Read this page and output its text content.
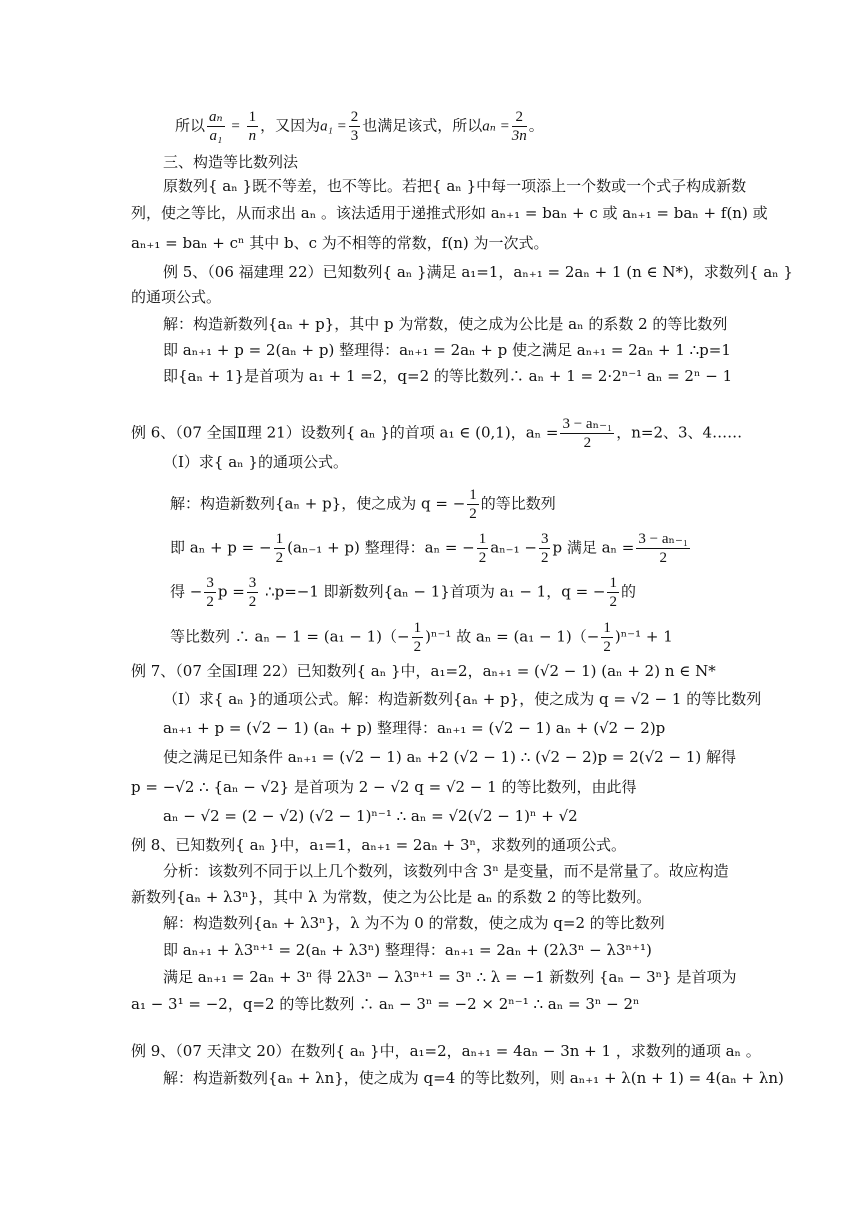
所以 $\frac{\text{aₙ}}{\text{a₁}} = \frac{1}{n}$ ，又因为$a_1 = \frac{2}{3}$ 也满足该式，所以$a_n = \frac{2}{3n}$ 。
三、构造等比数列法
原数列{ aₙ }既不等差，也不等比。若把{ aₙ }中每一项添上一个数或一个式子构成新数
列，使之等比，从而求出 aₙ 。该法适用于递推式形如 aₙ₊₁ = baₙ + c 或 aₙ₊₁ = baₙ + f(n) 或
aₙ₊₁ = baₙ + cⁿ 其中 b、c 为不相等的常数，f(n) 为一次式。
例 5、（06 福建理 22）已知数列{ aₙ }满足 a₁=1，aₙ₊₁ = 2aₙ + 1 (n ∈ N*)，求数列{ aₙ }
的通项公式。
解：构造新数列{aₙ + p}，其中 p 为常数，使之成为公比是 aₙ 的系数 2 的等比数列
即 aₙ₊₁ + p = 2(aₙ + p) 整理得：aₙ₊₁ = 2aₙ + p 使之满足 aₙ₊₁ = 2aₙ + 1 ∴p=1
即{aₙ + 1}是首项为 a₁ + 1 =2，q=2 的等比数列∴ aₙ + 1 = 2·2ⁿ⁻¹ aₙ = 2ⁿ − 1
例 6、（07 全国Ⅱ理 21）设数列{ aₙ }的首项 a₁ ∈ (0,1)，$a_n = \frac{\text{3 − aₙ₋₁}}{2}$ ，n=2、3、4……
（Ⅰ）求{ aₙ }的通项公式。
解：构造新数列{aₙ + p}，使之成为 q = − $\frac{1}{2}$ 的等比数列
即 aₙ + p = − $\frac{1}{2} (a_{n-1} + p)$ 整理得：aₙ = − $\frac{1}{2} a_{n-1} - \frac{3}{2}$ p 满足 $a_n = \frac{\text{3 − aₙ₋₁}}{2}$
得 − $\frac{3}{2}$ $p = \frac{3}{2}$ ∴p=−1 即新数列{aₙ − 1}首项为 a₁ − 1，q = − $\frac{1}{2}$ 的
等比数列 ∴ $a_n - 1 = (a_1 - 1)(- \frac{1}{2} )^{n-1}$ 故 $a_n = (a_1 - 1)(- \frac{1}{2} )^{n-1} + 1$
例 7、（07 全国Ⅰ理 22）已知数列{ aₙ }中，a₁=2，aₙ₊₁ = (√2 − 1) (aₙ + 2) n ∈ N*
（Ⅰ）求{ aₙ }的通项公式。解：构造新数列{aₙ + p}，使之成为 q = √2 − 1 的等比数列
aₙ₊₁ + p = (√2 − 1) (aₙ + p) 整理得：aₙ₊₁ = (√2 − 1) aₙ + (√2 − 2)p
使之满足已知条件 aₙ₊₁ = (√2 − 1) aₙ +2 (√2 − 1) ∴ (√2 − 2)p = 2(√2 − 1) 解得
p = −√2 ∴ {aₙ − √2} 是首项为 2 − √2 q = √2 − 1 的等比数列，由此得
aₙ − √2 = (2 − √2) (√2 − 1)ⁿ⁻¹ ∴ aₙ = √2(√2 − 1)ⁿ + √2
例 8、已知数列{ aₙ }中，a₁=1，aₙ₊₁ = 2aₙ + 3ⁿ，求数列的通项公式。
分析：该数列不同于以上几个数列，该数列中含 3ⁿ 是变量，而不是常量了。故应构造
新数列{aₙ + λ3ⁿ}，其中 λ 为常数，使之为公比是 aₙ 的系数 2 的等比数列。
解：构造数列{aₙ + λ3ⁿ}，λ 为不为 0 的常数，使之成为 q=2 的等比数列
即 aₙ₊₁ + λ3ⁿ⁺¹ = 2(aₙ + λ3ⁿ) 整理得：aₙ₊₁ = 2aₙ + (2λ3ⁿ − λ3ⁿ⁺¹)
满足 aₙ₊₁ = 2aₙ + 3ⁿ 得 2λ3ⁿ − λ3ⁿ⁺¹ = 3ⁿ ∴ λ = −1 新数列 {aₙ − 3ⁿ} 是首项为
a₁ − 3¹ = −2，q=2 的等比数列 ∴ aₙ − 3ⁿ = −2 × 2ⁿ⁻¹ ∴ aₙ = 3ⁿ − 2ⁿ
例 9、（07 天津文 20）在数列{ aₙ }中，a₁=2，aₙ₊₁ = 4aₙ − 3n + 1 ，求数列的通项 aₙ 。
解：构造新数列{aₙ + λn}，使之成为 q=4 的等比数列，则 aₙ₊₁ + λ(n + 1) = 4(aₙ + λn)
